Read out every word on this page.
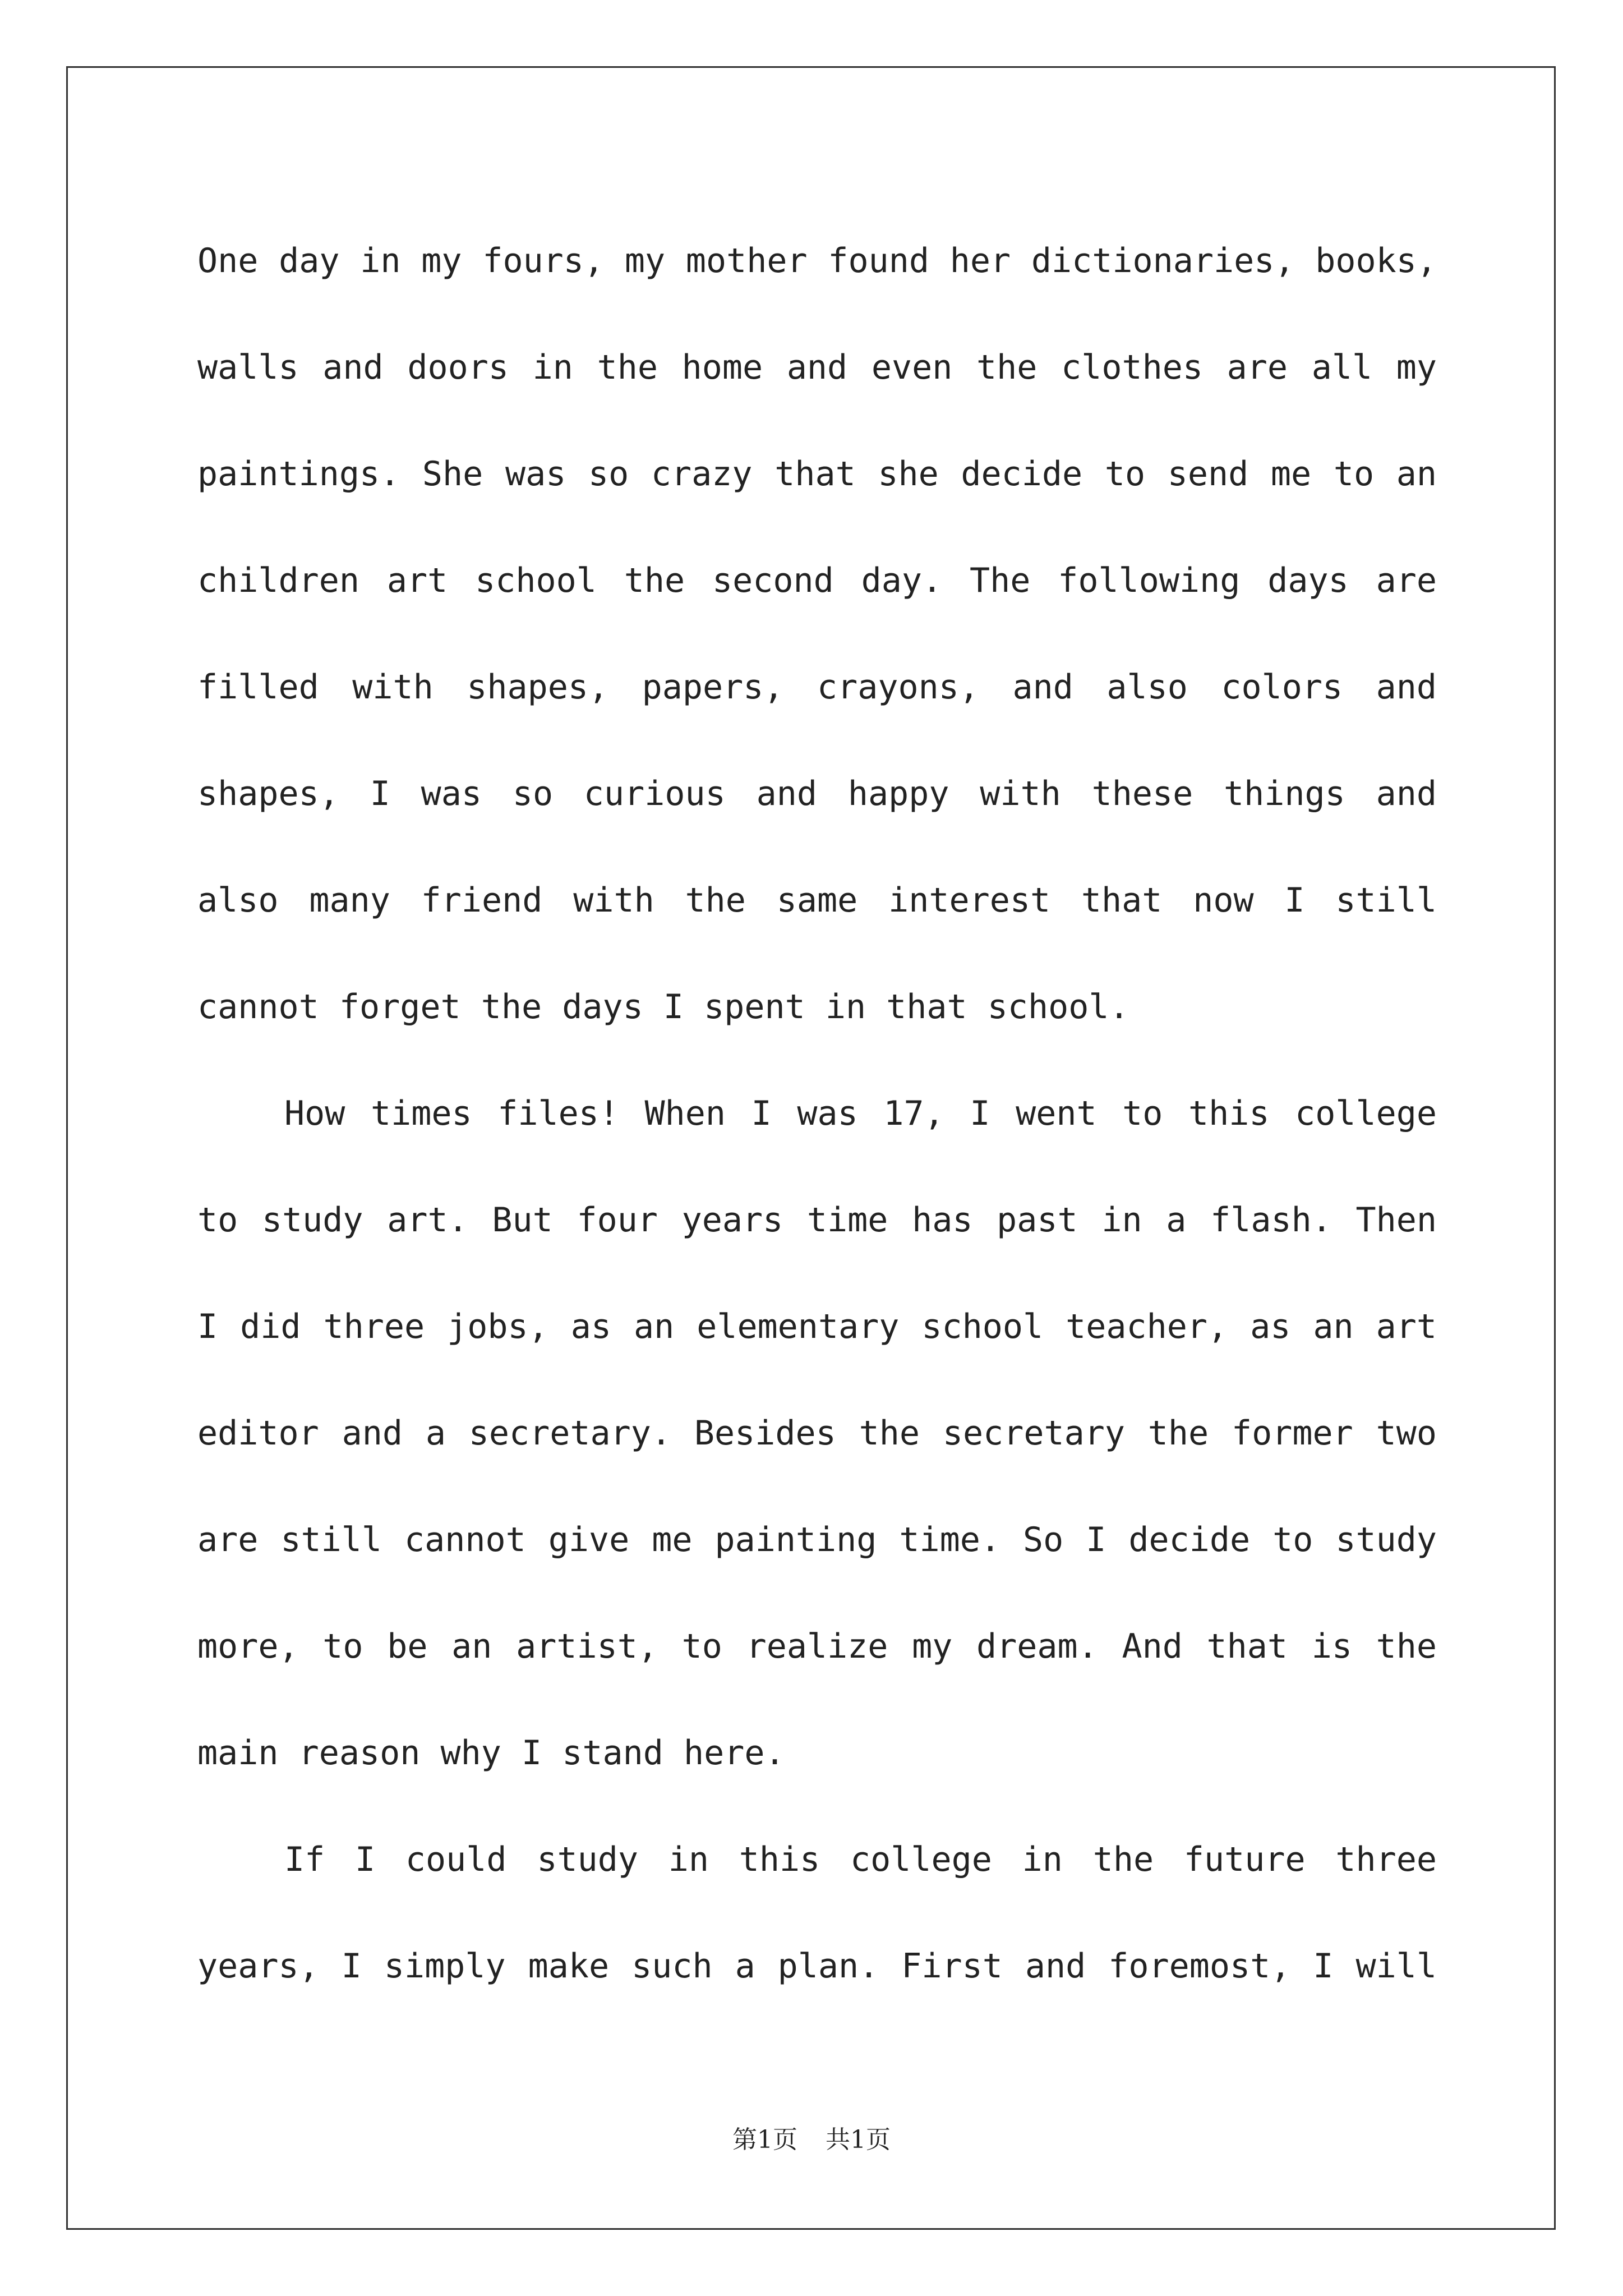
One day in my fours, my mother found her dictionaries, books,
walls and doors in the home and even the clothes are all my
paintings. She was so crazy that she decide to send me to an
children art school the second day. The following days are
filled with shapes, papers, crayons, and also colors and
shapes, I was so curious and happy with these things and
also many friend with the same interest that now I still
cannot forget the days I spent in that school.
How times files! When I was 17, I went to this college
to study art. But four years time has past in a flash. Then
I did three jobs, as an elementary school teacher, as an art
editor and a secretary. Besides the secretary the former two
are still cannot give me painting time. So I decide to study
more, to be an artist, to realize my dream. And that is the
main reason why I stand here.
If I could study in this college in the future three
years, I simply make such a plan. First and foremost, I will
第1页 共1页
